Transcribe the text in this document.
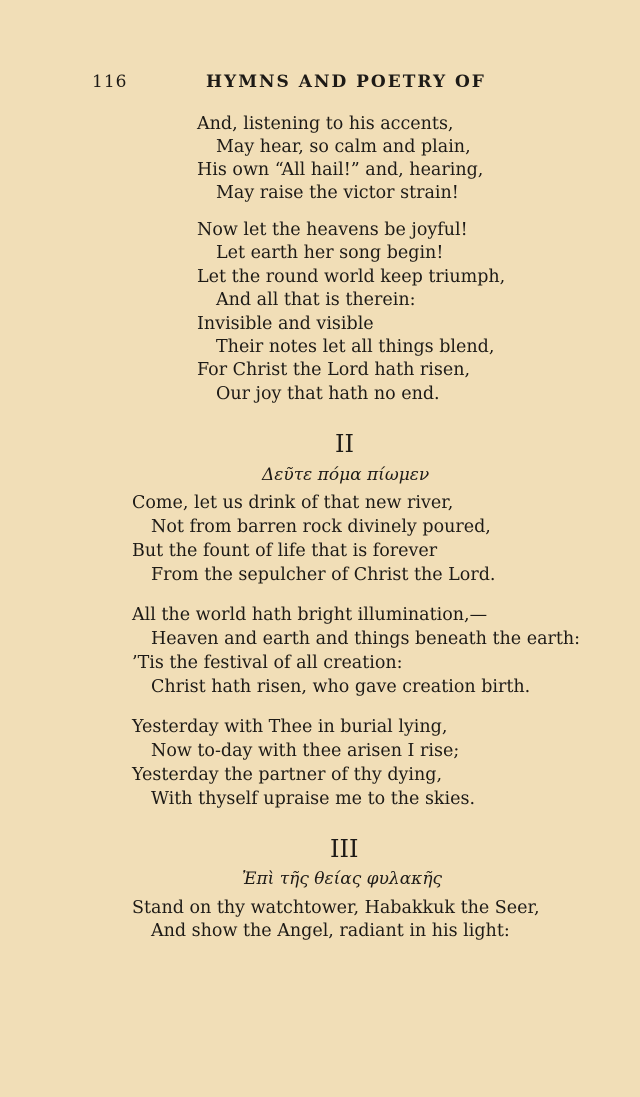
116	HYMNS AND POETRY OF
And, listening to his accents,
May hear, so calm and plain,
His own “All hail!” and, hearing,
May raise the victor strain!
Now let the heavens be joyful!
Let earth her song begin!
Let the round world keep triumph,
And all that is therein:
Invisible and visible
Their notes let all things blend,
For Christ the Lord hath risen,
Our joy that hath no end.
II
Δεῦτε πόμα πίωμεν
Come, let us drink of that new river,
Not from barren rock divinely poured,
But the fount of life that is forever
From the sepulcher of Christ the Lord.
All the world hath bright illumination,—
Heaven and earth and things beneath the earth:
’Tis the festival of all creation:
Christ hath risen, who gave creation birth.
Yesterday with Thee in burial lying,
Now to-day with thee arisen I rise;
Yesterday the partner of thy dying,
With thyself upraise me to the skies.
III
Ἐπὶ τῆς θείας φυλακῆς
Stand on thy watchtower, Habakkuk the Seer,
And show the Angel, radiant in his light:
